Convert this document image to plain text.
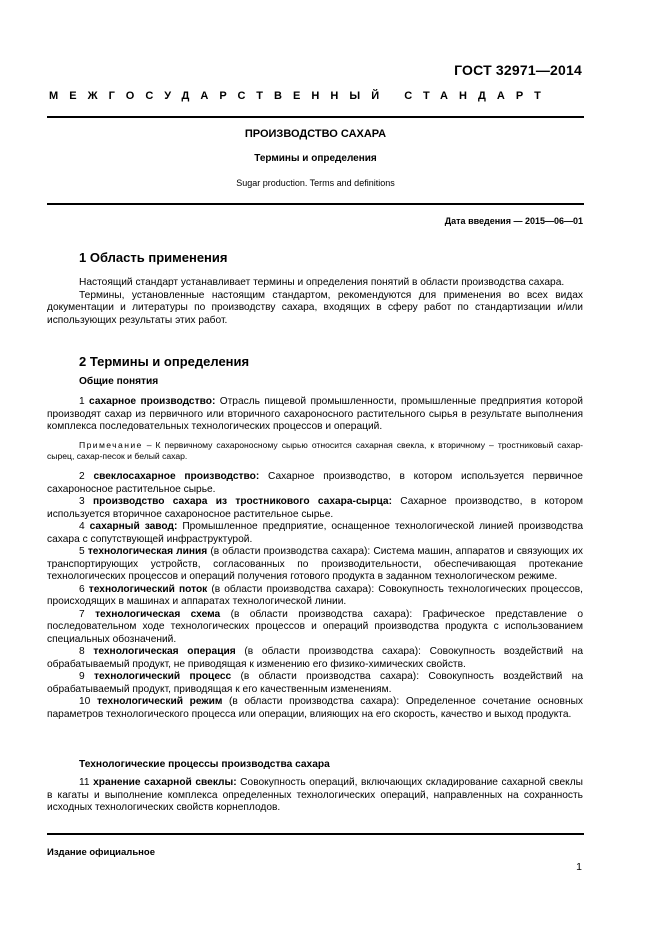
ГОСТ 32971—2014
МЕЖГОСУДАРСТВЕННЫЙ СТАНДАРТ
ПРОИЗВОДСТВО САХАРА
Термины и определения
Sugar production. Terms and definitions
Дата введения — 2015—06—01
1 Область применения

Настоящий стандарт устанавливает термины и определения понятий в области производства сахара.

Термины, установленные настоящим стандартом, рекомендуются для применения во всех видах документации и литературы по производству сахара, входящих в сферу работ по стандартизации и/или использующих результаты этих работ.

2 Термины и определения
Общие понятия

1 сахарное производство: Отрасль пищевой промышленности, промышленные предприятия которой производят сахар из первичного или вторичного сахароносного растительного сырья в результате выполнения комплекса последовательных технологических процессов и операций.

Примечание – К первичному сахароносному сырью относится сахарная свекла, к вторичному – тростниковый сахар-сырец, сахар-песок и белый сахар.

2 свеклосахарное производство: Сахарное производство, в котором используется первичное сахароносное растительное сырье.

3 производство сахара из тростникового сахара-сырца: Сахарное производство, в котором используется вторичное сахароносное растительное сырье.

4 сахарный завод: Промышленное предприятие, оснащенное технологической линией производства сахара с сопутствующей инфраструктурой.

5 технологическая линия (в области производства сахара): Система машин, аппаратов и связующих их транспортирующих устройств, согласованных по производительности, обеспечивающая протекание технологических процессов и операций получения готового продукта в заданном технологическом режиме.

6 технологический поток (в области производства сахара): Совокупность технологических процессов, происходящих в машинах и аппаратах технологической линии.

7 технологическая схема (в области производства сахара): Графическое представление о последовательном ходе технологических процессов и операций производства продукта с использованием специальных обозначений.

8 технологическая операция (в области производства сахара): Совокупность воздействий на обрабатываемый продукт, не приводящая к изменению его физико-химических свойств.

9 технологический процесс (в области производства сахара): Совокупность воздействий на обрабатываемый продукт, приводящая к его качественным изменениям.

10 технологический режим (в области производства сахара): Определенное сочетание основных параметров технологического процесса или операции, влияющих на его скорость, качество и выход продукта.

Технологические процессы производства сахара

11 хранение сахарной свеклы: Совокупность операций, включающих складирование сахарной свеклы в кагаты и выполнение комплекса определенных технологических операций, направленных на сохранность исходных технологических свойств корнеплодов.

Издание официальное
1
